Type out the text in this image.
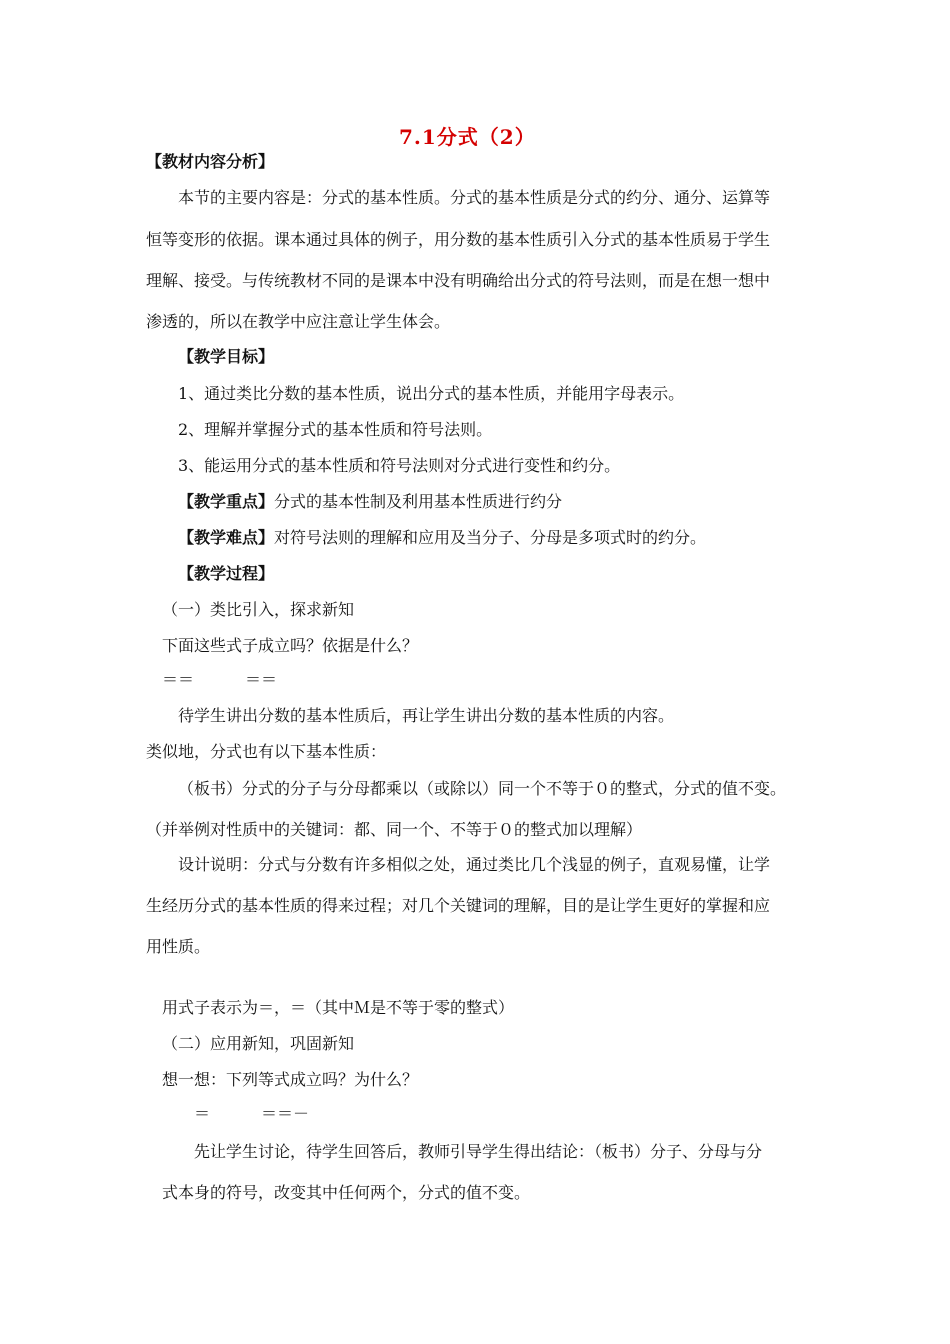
7.1分式（2）
【教材内容分析】
本节的主要内容是：分式的基本性质。分式的基本性质是分式的约分、通分、运算等
恒等变形的依据。课本通过具体的例子，用分数的基本性质引入分式的基本性质易于学生
理解、接受。与传统教材不同的是课本中没有明确给出分式的符号法则，而是在想一想中
渗透的，所以在教学中应注意让学生体会。
【教学目标】
1、通过类比分数的基本性质，说出分式的基本性质，并能用字母表示。
2、理解并掌握分式的基本性质和符号法则。
3、能运用分式的基本性质和符号法则对分式进行变性和约分。
【教学重点】分式的基本性制及利用基本性质进行约分
【教学难点】对符号法则的理解和应用及当分子、分母是多项式时的约分。
【教学过程】
（一）类比引入，探求新知
下面这些式子成立吗？依据是什么？
＝＝	＝＝
待学生讲出分数的基本性质后，再让学生讲出分数的基本性质的内容。
类似地，分式也有以下基本性质：
（板书）分式的分子与分母都乘以（或除以）同一个不等于０的整式，分式的值不变。
（并举例对性质中的关键词：都、同一个、不等于０的整式加以理解）
设计说明：分式与分数有许多相似之处，通过类比几个浅显的例子，直观易懂，让学
生经历分式的基本性质的得来过程；对几个关键词的理解，目的是让学生更好的掌握和应
用性质。
用式子表示为＝，＝（其中Ｍ是不等于零的整式）
（二）应用新知，巩固新知
想一想：下列等式成立吗？为什么？
＝	＝＝－
先让学生讨论，待学生回答后，教师引导学生得出结论：（板书）分子、分母与分
式本身的符号，改变其中任何两个，分式的值不变。
